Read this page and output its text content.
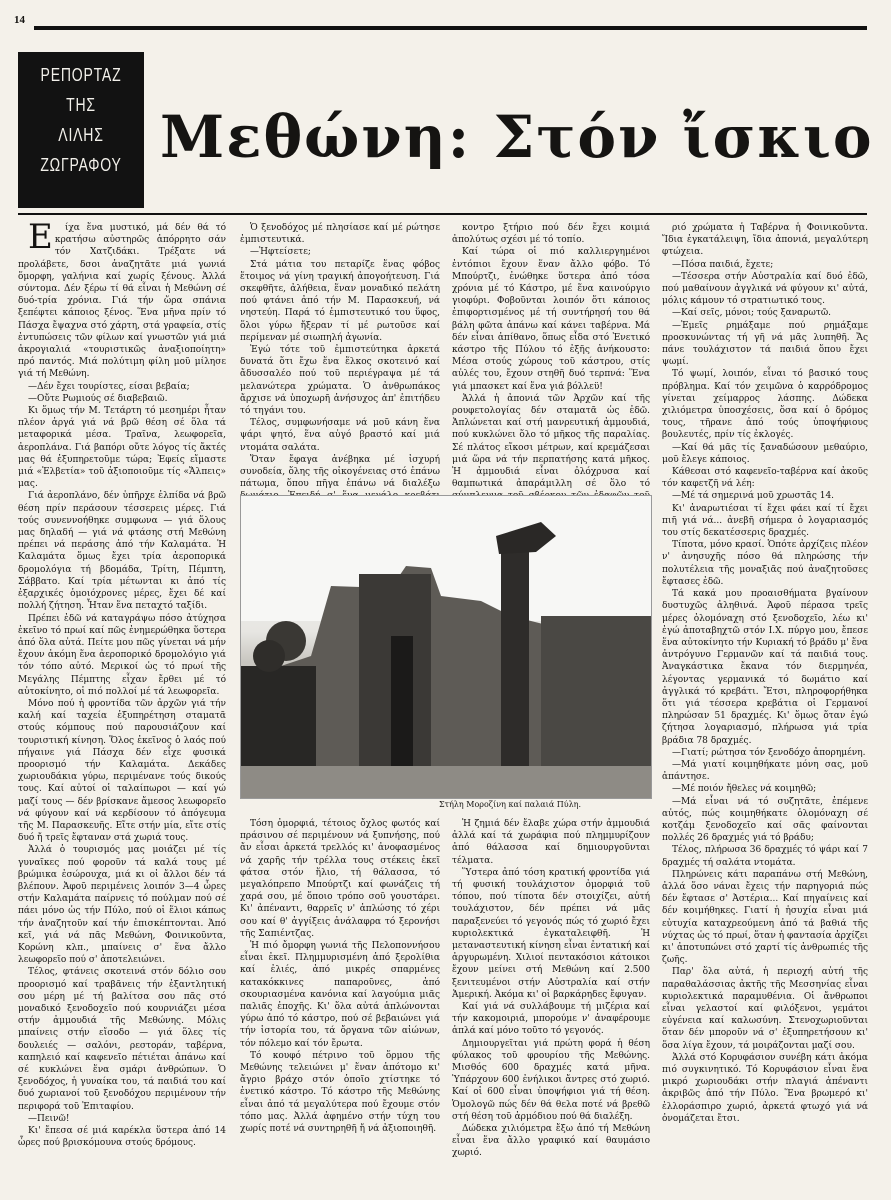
14
ΡΕΠΟΡΤΑΖ
ΤΗΣ
ΛΙΛΗΣ
ΖΩΓΡΑΦΟΥ Μεθώνη: Στόν ἴσκιο

Είχα ἕνα μυστικό, μά δέν θά τό κρατήσω αὐστηρῶς ἀπόρρητο σάν τόν Χατζιδάκι. Τρέξατε νά προλάβετε, δσοι ἀναζητᾶτε μιά γωνιά ὅμορφη, γαλήνια καί χωρίς ξένους. Ἀλλά σύντομα. Δέν ξέρω τί θά εἶναι ἡ Μεθώνη σέ δυό-τρία χρόνια. Γιά τήν ὥρα σπάνια ξεπέφτει κάποιος ξένος. Ἕνα μῆνα πρίν τό Πάσχα ἔψαχνα στό χάρτη, στά γραφεία, στίς ἐντυπώσεις τῶν φίλων καί γνωστῶν γιά μιά ἀκρογιαλιά «τουριστικῶς ἀναξιοποίητη» πρό παντός. Μιά πολύτιμη φίλη μοῦ μίλησε γιά τή Μεθώνη.

—Δέν ἔχει τουρίστες, είσαι βεβαία;

—Οὔτε Ρωμιούς σέ διαβεβαιῶ.

Κι ὅμως τήν Μ. Τετάρτη τό μεσημέρι ἦταν πλέον ἀργά γιά νά βρῶ θέση σέ ὅλα τά μεταφορικά μέσα. Τραῖνα, λεωφορεῖα, ἀεροπλάνα. Γιά βαπόρι οὔτε λόγος τίς ἄκτές μας θά ἐξυπηρετοῦμε τώρα; Ἐφείς εἴμαστε μιά «Ἑλβετία» τοῦ ἀξιοποιοῦμε τίς «Ἄλπεις» μας.

Γιά ἀεροπλάνο, δέν ὑπῆρχε ἐλπίδα νά βρῶ θέση πρίν περάσουν τέσσερεις μέρες. Γιά τούς συνεννοήθηκε συμφωνα — γιά ὅλους μας δηλαδή — γιά νά φτάσης στή Μεθώνη πρέπει νά περάσης ἀπό τήν Καλαμάτα. Ἡ Καλαμάτα ὅμως ἔχει τρία ἀεροπορικά δρομολόγια τή βδομάδα, Τρίτη, Πέμπτη, Σάββατο. Καί τρία μέτωνται κι ἀπό τίς ἐξαρχικές ὁμοιόχρονες μέρες, ἔχει δέ καί πολλή ζήτηση. Ἦταν ἕνα πεταχτό ταξίδι.

Πρέπει ἐδῶ νά καταγράψω πόσο ἀτύχησα ἐκεῖνο τό πρωί καί πῶς ἐνημερώθηκα ὕστερα ἀπό ὅλα αὐτά. Πείτε μου πῶς γίνεται νά μήν ἔχουν ἀκόμη ἕνα ἀεροπορικό δρομολόγιο γιά τόν τόπο αὐτό. Μερικοί ὡς τό πρωί τῆς Μεγάλης Πέμπτης εἶχαν ἔρθει μέ τό αὐτοκίνητο, οἱ πιό πολλοί μέ τά λεωφορεῖα.

Μόνο πού ἡ φροντίδα τῶν ἀρχῶν γιά τήν καλή καί ταχεία ἐξυπηρέτηση σταματᾶ στούς κόμπους πού παρουσιάζουν καί τουριστική κίνηση. Ὅλος ἐκεῖνος ὁ λαός πού πήγαινε γιά Πάσχα δέν εἶχε φυσικά προορισμό τήν Καλαμάτα. Δεκάδες χωριουδάκια γύρω, περιμένανε τούς δικούς τους. Καί αὐτοί οἱ ταλαίπωροι — καί γώ μαζί τους — δέν βρίσκανε ἄμεσος λεωφορεῖο νά φύγουν καί νά κερδίσουν τό ἀπόγευμα τῆς Μ. Παρασκευῆς. Εἴτε στήν μία, εἴτε στίς δυό ἤ τρεῖς ἔφταναν στά χωριά τους.

Ἀλλά ὁ τουρισμός μας μοιάζει μέ τίς γυναῖκες πού φοροῦν τά καλά τους μέ βρώμικα ἐσώρουχα, μιά κι οἱ ἄλλοι δέν τά βλέπουν. Ἀφοῦ περιμένεις λοιπόν 3—4 ὧρες στήν Καλαμάτα παίρνεις τό πούλμαν πού σέ πάει μόνο ὡς τήν Πύλο, πού οἱ ἕλιοι κάπως τήν ἀναζητοῦν καί τήν ἐπισκέπτονται. Ἀπό κεῖ, γιά νά πᾶς Μεθώνη, Φοινικοῦντα, Κορώνη κλπ., μπαίνεις σ' ἕνα ἄλλο λεωφορεῖο πού σ' ἀποτελειώνει.

Τέλος, φτάνεις σκοτεινά στόν δόλιο σου προορισμό καί τραβᾶνεις τήν ἐξαντλητική σου μέρη μέ τή βαλίτσα σου πᾶς στό μοναδικό ξενοδοχεῖο πού κουρνιάζει μέσα στήν ἀμμουδιά τῆς Μεθώνης. Μόλις μπαίνεις στήν εἴσοδο — γιά ὅλες τίς δουλειές — σαλόνι, ρεστοράν, ταβέρνα, καπηλειό καί καφενεῖο πέτιέται ἀπάνω καί σέ κυκλώνει ἕνα σμάρι ἀνθρώπων. Ὁ ξενοδόχος, ἡ γυναίκα του, τά παιδιά του καί δυό χωριανοί τοῦ ξενοδόχου περιμένουν τήν περιφορά τοῦ Ἐπιταφίου.

—Πεινῶ!

Κι' ἔπεσα σέ μιά καρέκλα ὕστερα ἀπό 14 ὧρες πού βρισκόμουνα στούς δρόμους.

Ὁ ξενοδόχος μέ πλησίασε καί μέ ρώτησε ἐμπιστευτικά.

—Ἠφτείσετε;

Στά μάτια του πεταρίζε ἕνας φόβος ἕτοιμος νά γίνη τραγική ἀπογοήτευση. Γιά σκεφθῆτε, ἀλήθεια, ἕναν μοναδικό πελάτη πού φτάνει ἀπό τήν Μ. Παρασκευή, νά νηστεύη. Παρά τό ἐμπιστευτικό του ὕφος, ὅλοι γύρω ἤξεραν τί μέ ρωτοῦσε καί περίμεναν μέ σιωπηλή ἀγωνία.

Ἐγώ τότε τοῦ ἐμπιστεύτηκα ἀρκετά δυνατά ὅτι ἔχω ἕνα ἕλκος σκοτεινό καί ἄδυσσαλέο πού τοῦ περιέγραψα μέ τά μελανώτερα χρώματα. Ὁ ἀνθρωπάκος ἄρχισε νά ὑποχωρῆ ἀνήσυχος ἀπ' ἐπιτήδευ τό τηγάνι του.

Τέλος, συμφωνήσαμε νά μοῦ κάνη ἕνα ψάρι ψητό, ἕνα αὐγό βραστό καί μιά ντομάτα σαλάτα.

Ὅταν ἔφαγα ἀνέβηκα μέ ἰσχυρή συνοδεία, ὅλης τῆς οἰκογένειας στό ἐπάνω πάτωμα, ὅπου πῆγα ἐπάνω νά διαλέξω

κοντρο ξτήριο πού δέν ἔχει κοιμιά ἀπολύτως σχέσι μέ τό τοπίο.

Καί τώρα οἱ πιό καλλιεργημένοι ἐντόπιοι ἔχουν ἕναν ἄλλο φόβο. Τό Μπούρτζι, ἐνώθηκε ὕστερα ἀπό τόσα χρόνια μέ τό Κάστρο, μέ ἕνα καινούργιο γιοφύρι. Φοβοῦνται λοιπόν ὅτι κάποιος ἐπιφορτισμένος μέ τή συντήρησή του θά βάλη φῶτα ἀπάνω καί κάνει ταβέρνα. Μά δέν εἶναι ἀπίθανο, ὅπως εἶδα στό Ἐνετικό κάστρο τῆς Πύλου τό ἐξῆς ἀνήκουστο: Μέσα στούς χώρους τοῦ κάστρου, στίς αὐλές του, ἔχουν στηθῆ δυό τερπνά: Ἕνα γιά μπασκετ καί ἕνα γιά βόλλεϋ!

Ἀλλά ἡ ἀπονιά τῶν Ἀρχῶν καί τῆς ρουφετολογίας δέν σταματᾶ ὡς ἐδῶ. Ἀπλώνεται καί στή μανρευτική ἀμμουδιά, πού κυκλώνει ὅλο τό μῆκος τῆς παραλίας. Σέ πλάτος εἴκοσι μέτρων, καί κρεμάζεσαι μιά ὥρα νά τήν περπατήσης κατά μῆκος. Ἡ ἀμμουδιά εἶναι ὀλόχρυσα καί θαμπωτικά ἀπαράμιλλη σέ ὅλο τό

ριό χρώματα ἡ Ταβέρνα ἡ Φοινικοῦντα. Ἴδια ἐγκατάλειψη, ἴδια ἀπονιά, μεγαλύτερη φτώχεια.

—Πόσα παιδιά, ἔχετε;

—Τέσσερα στήν Αὐστραλία καί δυό ἐδῶ, πού μαθαίνουν ἀγγλικά νά φύγουν κι' αὐτά, μόλις κάμουν τό στρατιωτικό τους.

—Καί σεῖς, μόνοι; τούς ξαναρωτῶ.

—Ἐμεῖς ρημάξαμε πού ρημάξαμε προσκυνώντας τή γῆ νά μᾶς λυπηθῆ. Ἄς πάνε τουλάχιστον τά παιδιά ὅπου ἔχει ψωμί.

Τό ψωμί, λοιπόν, εἶναι τό βασικό τους πρόβλημα. Καί τόν χειμῶνα ὁ καρρόδρομος γίνεται χείμαρρος λάσπης. Δώδεκα χιλιόμετρα ὑποσχέσεις, ὅσα καί ὁ δρόμος τους, τῆρανε ἀπό τούς ὑποψήφιους βουλευτές, πρίν τίς ἐκλογές.

—Καί θά μᾶς τίς ξαναδώσουν μεθαύριο, μοῦ ἔλεγε κάποιος.

Κάθεσαι στό καφενεῖο-ταβέρνα καί ἀκοῦς τόν καφετζῆ νά λέη:

—Μέ τά σημερινά μοῦ χρωστᾶς 14.

Κι' ἀναρωτιέσαι τί ἔχει φάει καί τί ἔχει πιῆ γιά νά... ἀνεβῆ σήμερα ὁ λογαριασμός του στίς δεκατέσσερις δραχμές.

Τίποτα, μόνο κρασί. Ὁπότε ἀρχίζεις πλέον ν' ἀνησυχῆς πόσο θά πληρώσης τήν πολυτέλεια τῆς μοναξιᾶς πού ἀναζητοῦσες ἔφτασες ἐδῶ.

Τά κακά μου προαισθήματα βγαίνουν δυστυχῶς ἀληθινά. Ἀφοῦ πέρασα τρεῖς μέρες ὁλομόναχη στό ξενοδοχεῖο, λέω κι' ἐγώ ἀποταβηχτῶ στόν Ι.Χ. πύργο μου, ἔπεσε ἕνα αὐτοκίνητο τήν Κυριακή τό βράδυ μ' ἕνα ἀντρόγυνο Γερμανῶν καί τά παιδιά τους. Ἀναγκάστικα ἔκανα τόν διερμηνέα, λέγοντας γερμανικά τό δωμάτιο καί ἀγγλικά τό κρεβάτι. Ἔτσι, πληροφορήθηκα ὅτι γιά τέσσερα κρεβάτια οἱ Γερμανοί πληρώσαν 51 δραχμές. Κι' ὅμως ὅταν ἐγώ ζήτησα λογαριασμό, πλήρωσα γιά τρία βράδια 78 δραχμές.

—Γιατί; ρώτησα τόν ξενοδόχο ἀπορημένη.

—Μά γιατί κοιμηθήκατε μόνη σας, μοῦ ἀπάντησε.

—Μέ ποιόν ἤθελες νά κοιμηθῶ;

—Μά εἶναι νά τό συζητᾶτε, ἐπέμενε αὐτός, πώς κοιμηθήκατε ὁλομόναχη σέ κοτζάμ ξενοδοχεῖο καί σᾶς φαίνονται πολλές 26 δραχμές γιά τό βράδυ;

Τέλος, πλήρωσα 36 δραχμές τό ψάρι καί 7 δραχμές τή σαλάτα ντομάτα.

Πληρώνεις κάτι παραπάνω στή Μεθώνη, ἀλλά ὅσο νάναι ἔχεις τήν παρηγοριά πώς δέν ἔφτασε σ' Ἀστέρια... Καί πηγαίνεις καί δέν κοιμήθηκες. Γιατί ἡ ἡσυχία εἶναι μιά εὐτυχία καταχρεούμενη ἀπό τά βαθιά τῆς νύχτας ὡς τό πρωί, ὅταν ἡ φαντασία ἀρχίζει κι' ἀποτυπώνει στό χαρτί τίς ἀνθρωπιές τῆς ζωῆς.

Παρ' ὅλα αὐτά, ἡ περιοχή αὐτή τῆς παραθαλάσσιας ἀκτῆς τῆς Μεσσηνίας εἶναι κυριολεκτικά παραμυθένια. Οἱ ἄνθρωποι εἶναι γελαστοί καί φιλόξενοι, γεμάτοι εὐγένεια καί καλωσύνη. Στενοχωριοῦνται ὅταν δέν μποροῦν νά σ' ἐξυπηρετήσουν κι' ὅσα λίγα ἔχουν, τά μοιράζονται μαζί σου.

Ἀλλά στό Κορυφάσιον συνέβη κάτι ἀκόμα πιό συγκινητικό. Τό Κορυφάσιον εἶναι ἕνα μικρό χωριουδάκι στήν πλαγιά ἀπέναντι ἀκριβῶς ἀπό τήν Πύλο. Ἕνα βρωμερό κι' ἐλλοράσπιρο χωριό, ἀρκετά φτωχό γιά νά ὀνομάζεται ἔτσι.

Στήλη Μοροζίνη καί παλαιά Πύλη.

Τόση ὀμορφιά, τέτοιος ὄχλος φωτός καί πράσινου σέ περιμένουν νά ξυπνήσης, πού ἄν εἶσαι ἀρκετά τρελλός κι' ἀνοφασμένος νά χαρῆς τήν τρέλλα τους στέκεις ἐκεῖ φάτσα στόν ἥλιο, τή θάλασσα, τό μεγαλόπρεπο Μπούρτζι καί φωνάζεις τή χαρά σου, μέ ὅποιο τρόπο σοῦ γουστάρει. Κι' ἀπέναντι, θαρρεῖς ν' ἀπλώσης τό χέρι σου καί θ' ἀγγίξεις ἀνάλαφρα τό ξερονήσι τῆς Σαπιέντζας.

Ἡ πιό ὄμορφη γωνιά τῆς Πελοποννήσου εἶναι ἐκεῖ. Πλημμυρισμένη ἀπό ξερολίθια καί ἐλιές, ἀπό μικρές σπαρμένες κατακόκκινες παπαροῦνες, ἀπό σκουριασμένα κανόνια καί λαγούμια μιᾶς παλιᾶς ἐποχῆς. Κι' ὅλα αὐτά ἁπλώνονται γύρω ἀπό τό κάστρο, πού σέ βεβαιώνει γιά τήν ἱστορία του, τά ὄργανα τῶν αἰώνων, τόν πόλεμο καί τόν ἔρωτα.

Τό κουφό πέτρινο τοῦ ὅρμου τῆς Μεθώνης τελειώνει μ' ἕναν ἀπότομο κι' ἄγριο βράχο στόν ὁποῖο χτίστηκε τό ἐνετικό κάστρο. Τό κάστρο τῆς Μεθώνης εἶναι ἀπό τά μεγαλύτερα πού ἔχουμε στόν τόπο μας. Ἀλλά ἀφημένο στήν τύχη του χωρίς ποτέ νά συντηρηθῆ ἤ νά ἀξιοποιηθῆ.

Ἡ ζημιά δέν ἔλαβε χώρα στήν ἀμμουδιά ἀλλά καί τά χωράφια πού πλημμυρίζουν ἀπό θάλασσα καί δημιουργοῦνται τέλματα.

Ὕστερα ἀπό τόση κρατική φροντίδα γιά τή φυσική τουλάχιστον ὀμορφιά τοῦ τόπου, πού τίποτα δέν στοιχίζει, αὐτή τουλάχιστον, δέν πρέπει νά μᾶς παραξενεύει τό γεγονός πώς τό χωριό ἔχει κυριολεκτικά ἐγκαταλειφθῆ. Ἡ μεταναστευτική κίνηση εἶναι ἐντατική καί ἀργυρωμένη. Χιλιοί πεντακόσιοι κάτοικοι ἔχουν μείνει στή Μεθώνη καί 2.500 ξενιτευμένοι στήν Αὐστραλία καί στήν Ἀμερική. Ἀκόμα κι' οἱ βαρκάρηδες ἔφυγαν.

Καί γιά νά συλλάβουμε τή μιζέρια καί τήν κακομοιριά, μπορούμε ν' ἀναφέρουμε ἁπλά καί μόνο τοῦτο τό γεγονός.

Δημιουργεῖται γιά πρώτη φορά ἡ θέση φύλακος τοῦ φρουρίου τῆς Μεθώνης. Μισθός 600 δραχμές κατά μῆνα. Ὑπάρχουν 600 ἐνήλικοι ἄντρες στό χωριό. Καί οἱ 600 εἶναι ὑποψήφιοι γιά τή θέση. Ὁμολογῶ πώς δέν θά θελα ποτέ νά βρεθῶ στή θέση τοῦ ἁρμόδιου πού θά διαλέξη.

Δώδεκα χιλιόμετρα ἔξω ἀπό τή Μεθώνη εἶναι ἕνα ἄλλο γραφικό καί θαυμάσιο χωριό.
